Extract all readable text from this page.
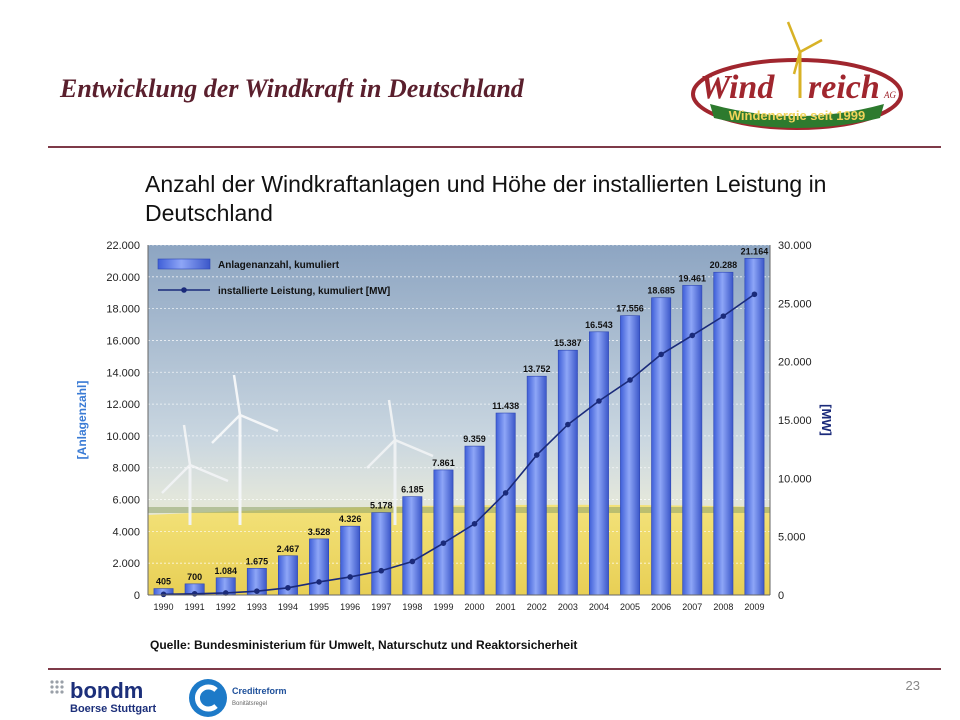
Entwicklung der Windkraft in Deutschland	Wind reich AG
Windenergie seit 1999
Anzahl der Windkraftanlagen und Höhe der installierten Leistung in Deutschland
405 700
1.084
1.675
2.467
3.528
4.326
5.178
6.185
7.861
9.359
11.438
13.752
15.387
16.543
17.556
18.685
19.461
20.288
21.164
0
2.000
4.000
6.000
8.000
10.000
12.000
14.000
16.000
18.000
20.000
22.000
0
5.000
10.000
15.000
20.000
25.000
30.000
1990 1991 1992 1993 1994 1995 1996 1997 1998 1999 2000 2001 2002 2003 2004 2005 2006 2007 2008 2009
[Anlagenzahl]	[MW]
Anlagenanzahl, kumuliert
installierte Leistung, kumuliert [MW]
Quelle: Bundesministerium für Umwelt, Naturschutz und Reaktorsicherheit
bondm
Boerse Stuttgart
Creditreform
Bonitätsregel
23
